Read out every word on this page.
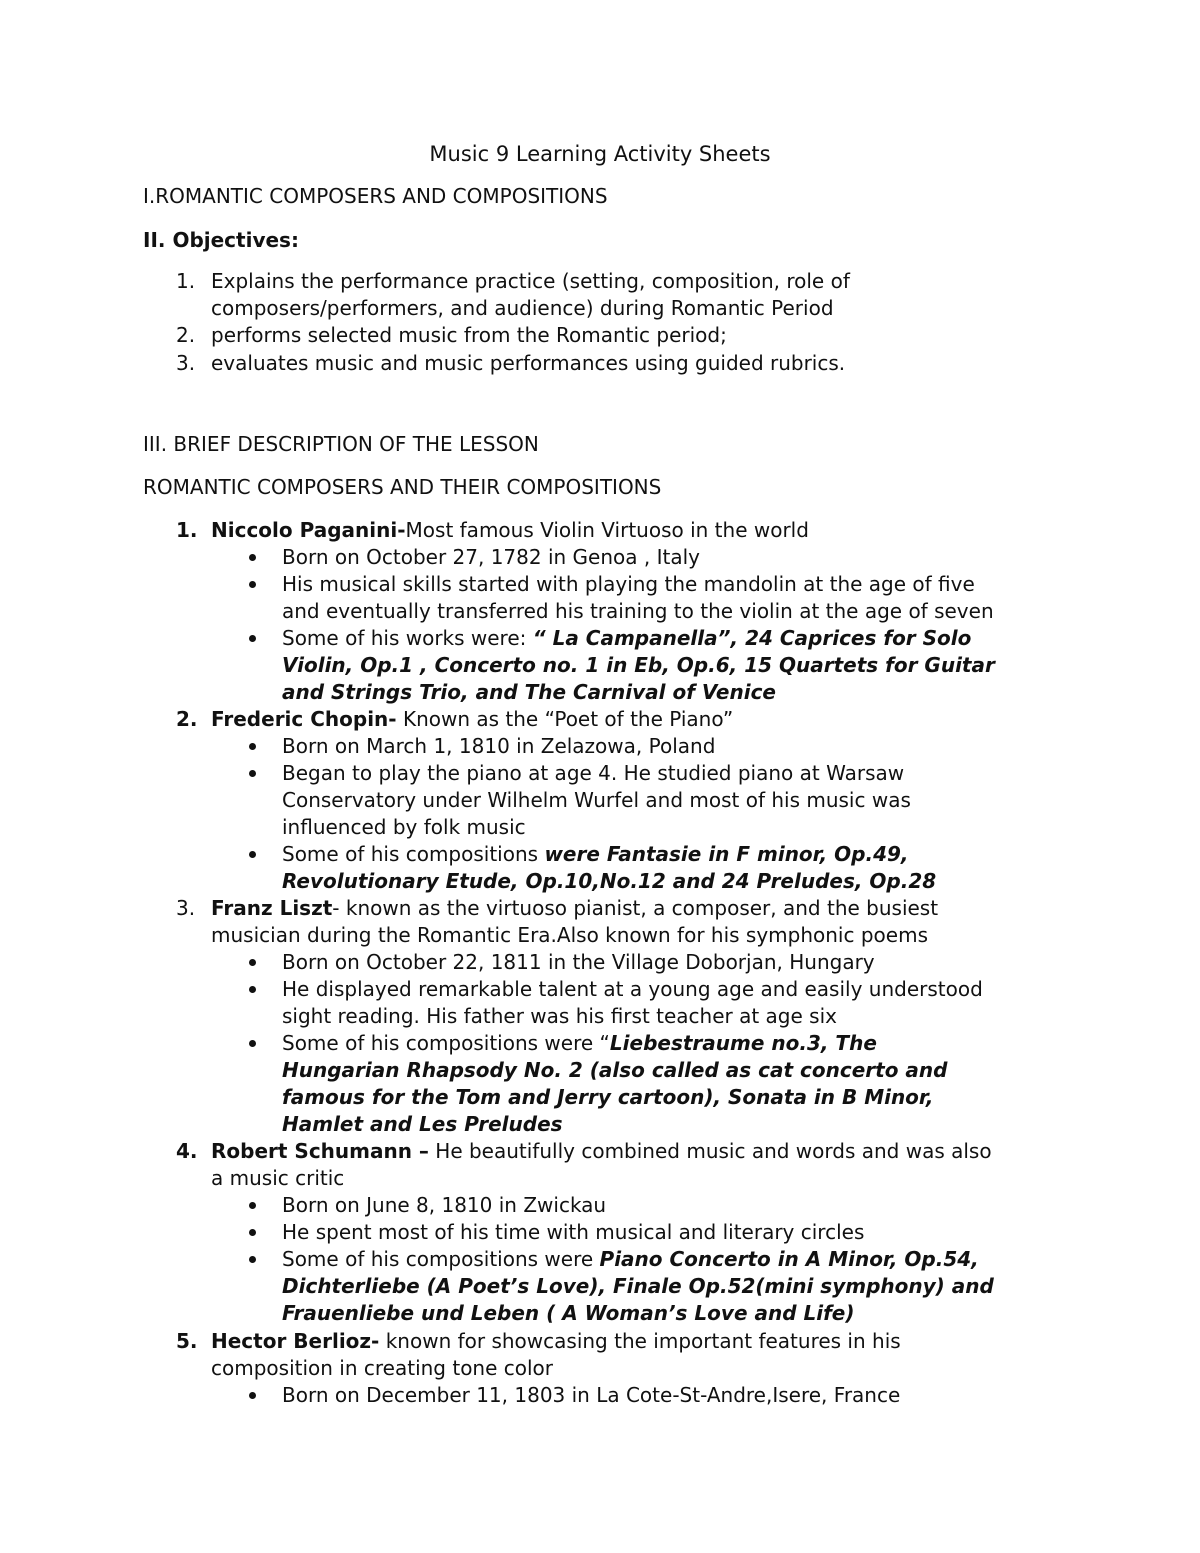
Music 9 Learning Activity Sheets
I.ROMANTIC COMPOSERS AND COMPOSITIONS
II. Objectives:
1. Explains the performance practice (setting, composition, role of
composers/performers, and audience) during Romantic Period
2. performs selected music from the Romantic period;
3. evaluates music and music performances using guided rubrics.
III. BRIEF DESCRIPTION OF THE LESSON
ROMANTIC COMPOSERS AND THEIR COMPOSITIONS
1. Niccolo Paganini-Most famous Violin Virtuoso in the world
Born on October 27, 1782 in Genoa , Italy
His musical skills started with playing the mandolin at the age of five
and eventually transferred his training to the violin at the age of seven
Some of his works were: “ La Campanella”, 24 Caprices for Solo
Violin, Op.1 , Concerto no. 1 in Eb, Op.6, 15 Quartets for Guitar
and Strings Trio, and The Carnival of Venice
2. Frederic Chopin- Known as the “Poet of the Piano”
Born on March 1, 1810 in Zelazowa, Poland
Began to play the piano at age 4. He studied piano at Warsaw
Conservatory under Wilhelm Wurfel and most of his music was
influenced by folk music
Some of his compositions were Fantasie in F minor, Op.49,
Revolutionary Etude, Op.10,No.12 and 24 Preludes, Op.28
3. Franz Liszt- known as the virtuoso pianist, a composer, and the busiest
musician during the Romantic Era.Also known for his symphonic poems
Born on October 22, 1811 in the Village Doborjan, Hungary
He displayed remarkable talent at a young age and easily understood
sight reading. His father was his first teacher at age six
Some of his compositions were “Liebestraume no.3, The
Hungarian Rhapsody No. 2 (also called as cat concerto and
famous for the Tom and Jerry cartoon), Sonata in B Minor,
Hamlet and Les Preludes
4. Robert Schumann – He beautifully combined music and words and was also
a music critic
Born on June 8, 1810 in Zwickau
He spent most of his time with musical and literary circles
Some of his compositions were Piano Concerto in A Minor, Op.54,
Dichterliebe (A Poet’s Love), Finale Op.52(mini symphony) and
Frauenliebe und Leben ( A Woman’s Love and Life)
5. Hector Berlioz- known for showcasing the important features in his
composition in creating tone color
Born on December 11, 1803 in La Cote-St-Andre,Isere, France
